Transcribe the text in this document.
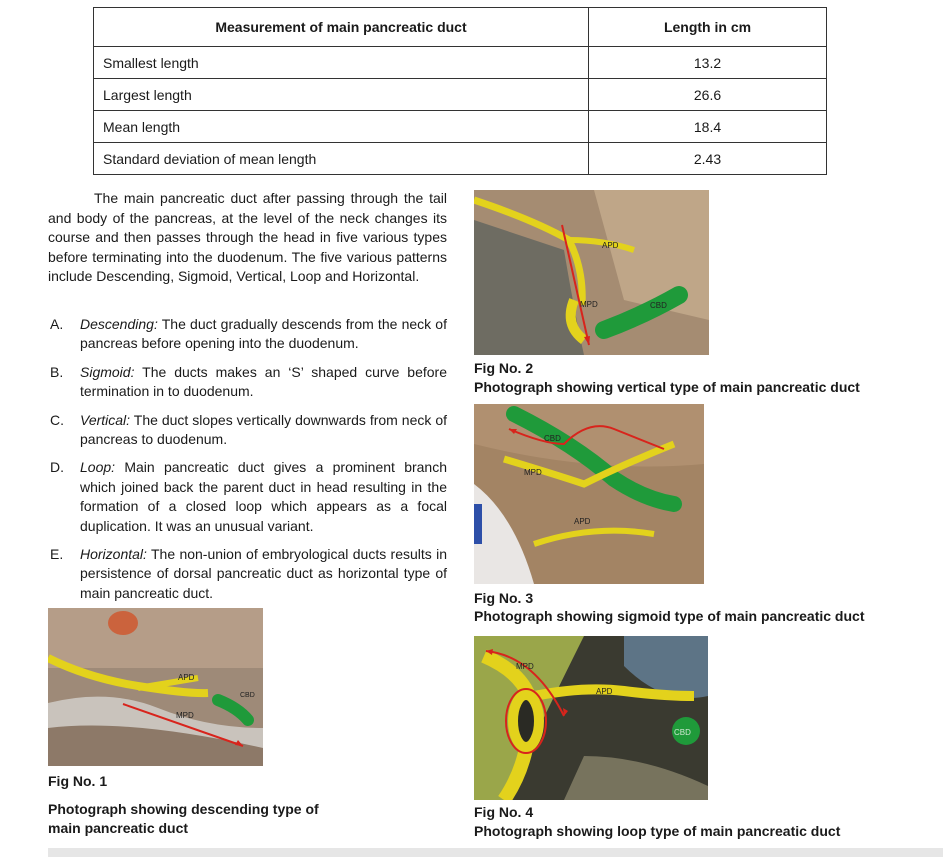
Measurement of main pancreatic duct	Length in cm
Smallest length	13.2
Largest length	26.6
Mean length	18.4
Standard deviation of mean length	2.43

The main pancreatic duct after passing through the tail and body of the pancreas, at the level of the neck changes its course and then passes through the head in five various types before terminating into the duodenum. The five various patterns include Descending, Sigmoid, Vertical, Loop and Horizontal.

A. Descending: The duct gradually descends from the neck of pancreas before opening into the duodenum.
B. Sigmoid: The ducts makes an ‘S’ shaped curve before termination in to duodenum.
C. Vertical: The duct slopes vertically downwards from neck of pancreas to duodenum.
D. Loop: Main pancreatic duct gives a prominent branch which joined back the parent duct in head resulting in the formation of a closed loop which appears as a focal duplication. It was an unusual variant.
E. Horizontal: The non-union of embryological ducts results in persistence of dorsal pancreatic duct as horizontal type of main pancreatic duct.
APD
CBD
MPD

Fig No. 1

Photograph showing descending type of main pancreatic duct

APD
MPD	CBD

Fig No. 2

Photograph showing vertical type of main pancreatic duct

CBD
MPD
APD

Fig No. 3

Photograph showing sigmoid type of main pancreatic duct

MPD
APD
CBD

Fig No. 4

Photograph showing loop type of main pancreatic duct
